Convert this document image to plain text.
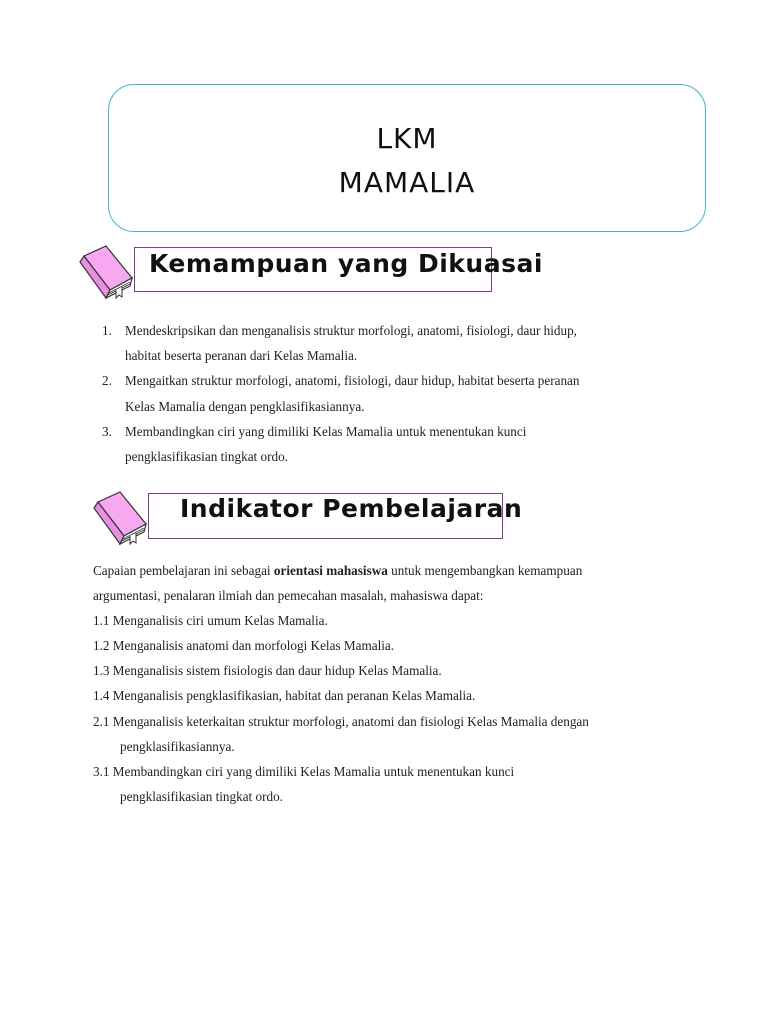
LKM
MAMALIA
Kemampuan yang Dikuasai
1. Mendeskripsikan dan menganalisis struktur morfologi, anatomi, fisiologi, daur hidup,
habitat beserta peranan dari Kelas Mamalia.
2. Mengaitkan struktur morfologi, anatomi, fisiologi, daur hidup, habitat beserta peranan
Kelas Mamalia dengan pengklasifikasiannya.
3. Membandingkan ciri yang dimiliki Kelas Mamalia untuk menentukan kunci
pengklasifikasian tingkat ordo.
Indikator Pembelajaran
Capaian pembelajaran ini sebagai orientasi mahasiswa untuk mengembangkan kemampuan
argumentasi, penalaran ilmiah dan pemecahan masalah, mahasiswa dapat:
1.1 Menganalisis ciri umum Kelas Mamalia.
1.2 Menganalisis anatomi dan morfologi Kelas Mamalia.
1.3 Menganalisis sistem fisiologis dan daur hidup Kelas Mamalia.
1.4 Menganalisis pengklasifikasian, habitat dan peranan Kelas Mamalia.
2.1 Menganalisis keterkaitan struktur morfologi, anatomi dan fisiologi Kelas Mamalia dengan
pengklasifikasiannya.
3.1 Membandingkan ciri yang dimiliki Kelas Mamalia untuk menentukan kunci
pengklasifikasian tingkat ordo.
